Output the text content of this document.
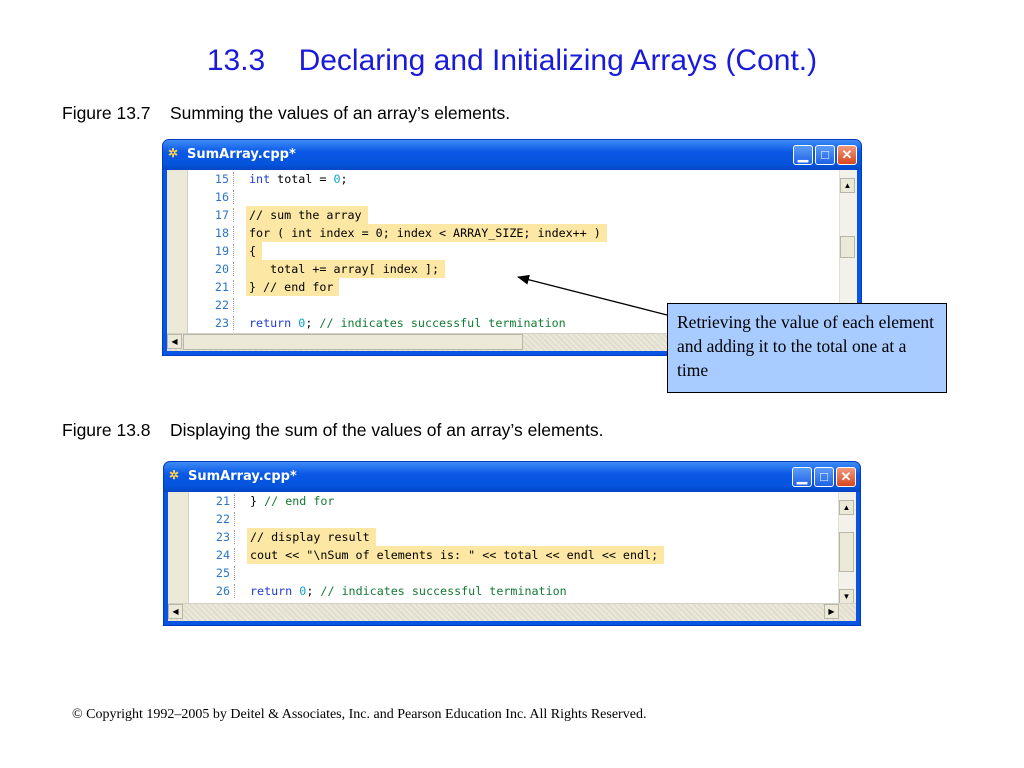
13.3    Declaring and Initializing Arrays (Cont.)
Figure 13.7    Summing the values of an array’s elements.
✲ SumArray.cpp*	▁	□ ✕
15 int total = 0;
16
17 // sum the array
18 for ( int index = 0; index < ARRAY_SIZE; index++ )
19 {
20 total += array[ index ];
21 } // end for
22
23 return 0; // indicates successful termination
▲
◀
Figure 13.8    Displaying the sum of the values of an array’s elements.
✲ SumArray.cpp*	▁	□ ✕
21 } // end for
22
23 // display result
24 cout << "\nSum of elements is: " << total << endl << endl;
25
26 return 0; // indicates successful termination
▲
▼
◀	▶
Retrieving the value of each element and adding it to the total one at a time
© Copyright 1992–2005 by Deitel & Associates, Inc. and Pearson Education Inc. All Rights Reserved.
